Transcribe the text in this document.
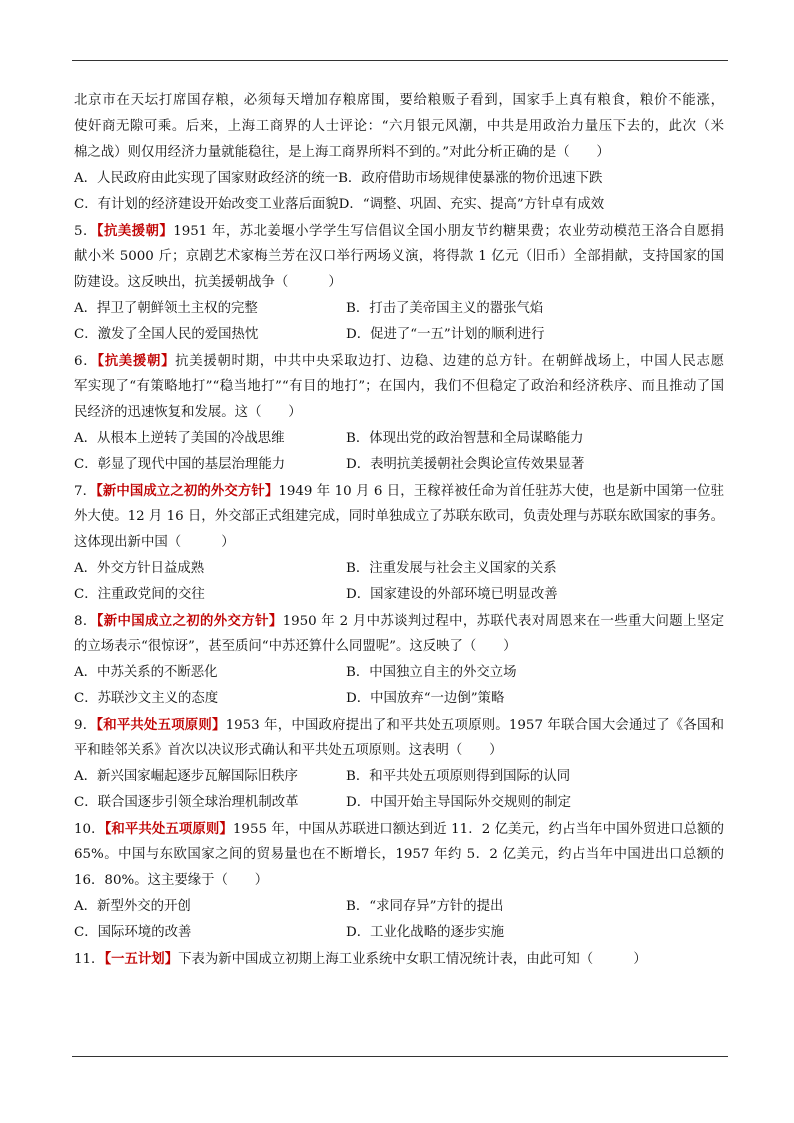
北京市在天坛打席国存粮，必须每天增加存粮席围，要给粮贩子看到，国家手上真有粮食，粮价不能涨，
使奸商无隙可乘。后来，上海工商界的人士评论：“六月银元风潮，中共是用政治力量压下去的，此次（米
棉之战）则仅用经济力量就能稳往，是上海工商界所料不到的。”对此分析正确的是（　　）
A．人民政府由此实现了国家财政经济的统一B．政府借助市场规律使暴涨的物价迅速下跌
C．有计划的经济建设开始改变工业落后面貌D．“调整、巩固、充实、提高”方针卓有成效
5．【抗美援朝】1951 年，苏北姜堰小学学生写信倡议全国小朋友节约糖果费；农业劳动模范王洛合自愿捐
献小米 5000 斤；京剧艺术家梅兰芳在汉口举行两场义演，将得款 1 亿元（旧币）全部捐献，支持国家的国
防建设。这反映出，抗美援朝战争（　　　）
A．捍卫了朝鲜领土主权的完整	B．打击了美帝国主义的嚣张气焰
C．激发了全国人民的爱国热忱	D．促进了“一五”计划的顺利进行
6．【抗美援朝】抗美援朝时期，中共中央采取边打、边稳、边建的总方针。在朝鲜战场上，中国人民志愿
军实现了“有策略地打”“稳当地打”“有目的地打”；在国内，我们不但稳定了政治和经济秩序、而且推动了国
民经济的迅速恢复和发展。这（　　）
A．从根本上逆转了美国的冷战思维	B．体现出党的政治智慧和全局谋略能力
C．彰显了现代中国的基层治理能力	D．表明抗美援朝社会舆论宣传效果显著
7．【新中国成立之初的外交方针】1949 年 10 月 6 日，王稼祥被任命为首任驻苏大使，也是新中国第一位驻
外大使。12 月 16 日，外交部正式组建完成，同时单独成立了苏联东欧司，负责处理与苏联东欧国家的事务。
这体现出新中国（　　　）
A．外交方针日益成熟	B．注重发展与社会主义国家的关系
C．注重政党间的交往	D．国家建设的外部环境已明显改善
8．【新中国成立之初的外交方针】1950 年 2 月中苏谈判过程中，苏联代表对周恩来在一些重大问题上坚定
的立场表示“很惊讶”，甚至质问“中苏还算什么同盟呢”。这反映了（　　）
A．中苏关系的不断恶化	B．中国独立自主的外交立场
C．苏联沙文主义的态度	D．中国放弃“一边倒”策略
9．【和平共处五项原则】1953 年，中国政府提出了和平共处五项原则。1957 年联合国大会通过了《各国和
平和睦邻关系》首次以决议形式确认和平共处五项原则。这表明（　　）
A．新兴国家崛起逐步瓦解国际旧秩序	B．和平共处五项原则得到国际的认同
C．联合国逐步引领全球治理机制改革	D．中国开始主导国际外交规则的制定
10．【和平共处五项原则】1955 年，中国从苏联进口额达到近 11．2 亿美元，约占当年中国外贸进口总额的
65%。中国与东欧国家之间的贸易量也在不断增长，1957 年约 5．2 亿美元，约占当年中国进出口总额的
16．80%。这主要缘于（　　）
A．新型外交的开创	B．“求同存异”方针的提出
C．国际环境的改善	D．工业化战略的逐步实施
11．【一五计划】下表为新中国成立初期上海工业系统中女职工情况统计表，由此可知（　　　）
